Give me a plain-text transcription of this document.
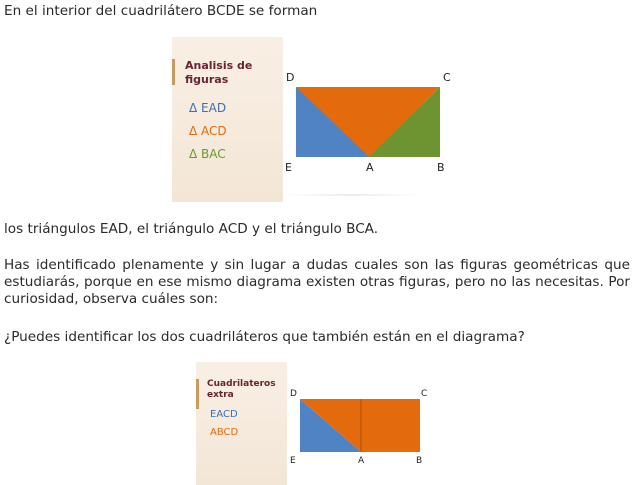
En el interior del cuadrilátero BCDE se forman

Analisis de
figuras
Δ EAD
Δ ACD
Δ BAC
D
E	A
C
B

los triángulos EAD, el triángulo ACD y el triángulo BCA.

Has identificado plenamente y sin lugar a dudas cuales son las figuras geométricas que estudiarás, porque en ese mismo diagrama existen otras figuras, pero no las necesitas. Por curiosidad, observa cuáles son:

¿Puedes identificar los dos cuadriláteros que también están en el diagrama?

Cuadrilateros
extra
EACD
ABCD
D	C
E	A	B
